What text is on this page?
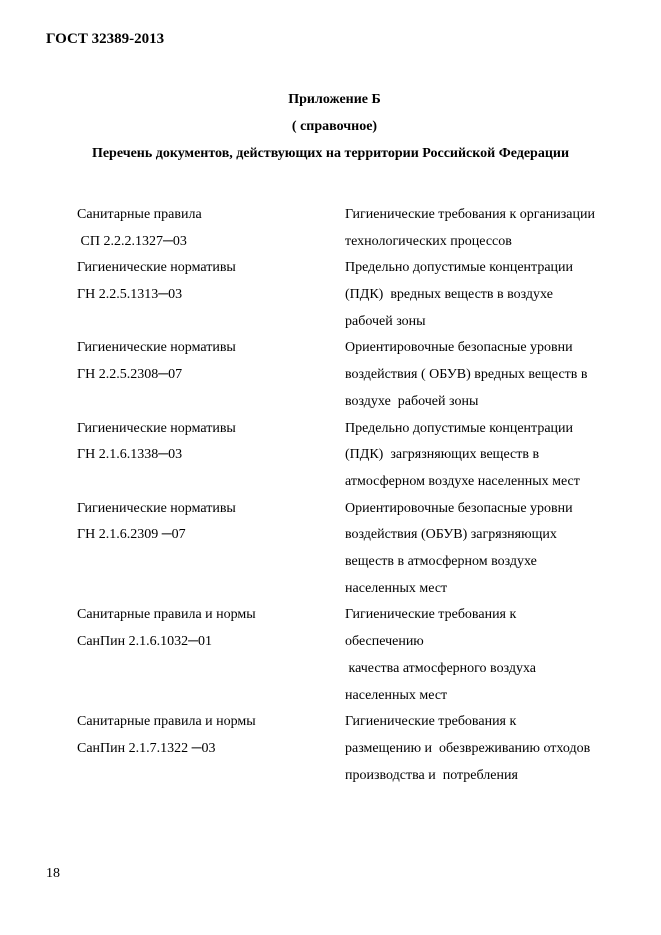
ГОСТ 32389-2013
Приложение Б
( справочное)
Перечень документов, действующих на территории Российской Федерации
Санитарные правила
СП 2.2.2.1327─03
Гигиенические требования к организации
технологических процессов
Гигиенические нормативы
ГН 2.2.5.1313─03
Предельно допустимые концентрации
(ПДК)  вредных веществ в воздухе
рабочей зоны
Гигиенические нормативы
ГН 2.2.5.2308─07
Ориентировочные безопасные уровни
воздействия ( ОБУВ) вредных веществ в
воздухе  рабочей зоны
Гигиенические нормативы
ГН 2.1.6.1338─03
Предельно допустимые концентрации
(ПДК)  загрязняющих веществ в
атмосферном воздухе населенных мест
Гигиенические нормативы
ГН 2.1.6.2309 ─07
Ориентировочные безопасные уровни
воздействия (ОБУВ) загрязняющих
веществ в атмосферном воздухе
населенных мест
Санитарные правила и нормы
СанПин 2.1.6.1032─01
Гигиенические требования к
обеспечению
качества атмосферного воздуха
населенных мест
Санитарные правила и нормы
СанПин 2.1.7.1322 ─03
Гигиенические требования к
размещению и  обезвреживанию отходов
производства и  потребления
18
